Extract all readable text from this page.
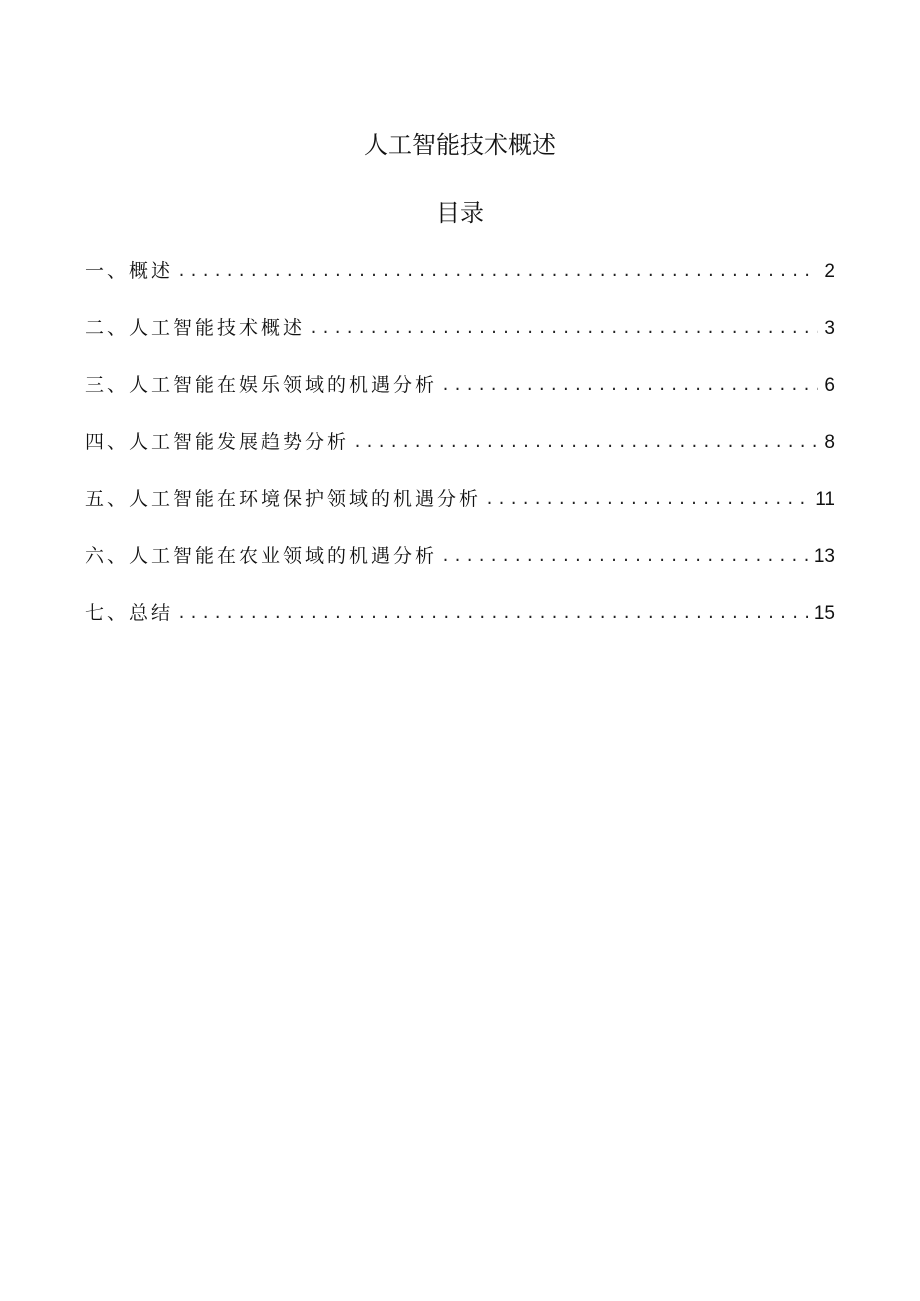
人工智能技术概述
目录
一、概述 .....	2
二、人工智能技术概述 .....	3
三、人工智能在娱乐领域的机遇分析 .....	6
四、人工智能发展趋势分析 .....	8
五、人工智能在环境保护领域的机遇分析 .....	11
六、人工智能在农业领域的机遇分析 .....	13
七、总结 .....	15
